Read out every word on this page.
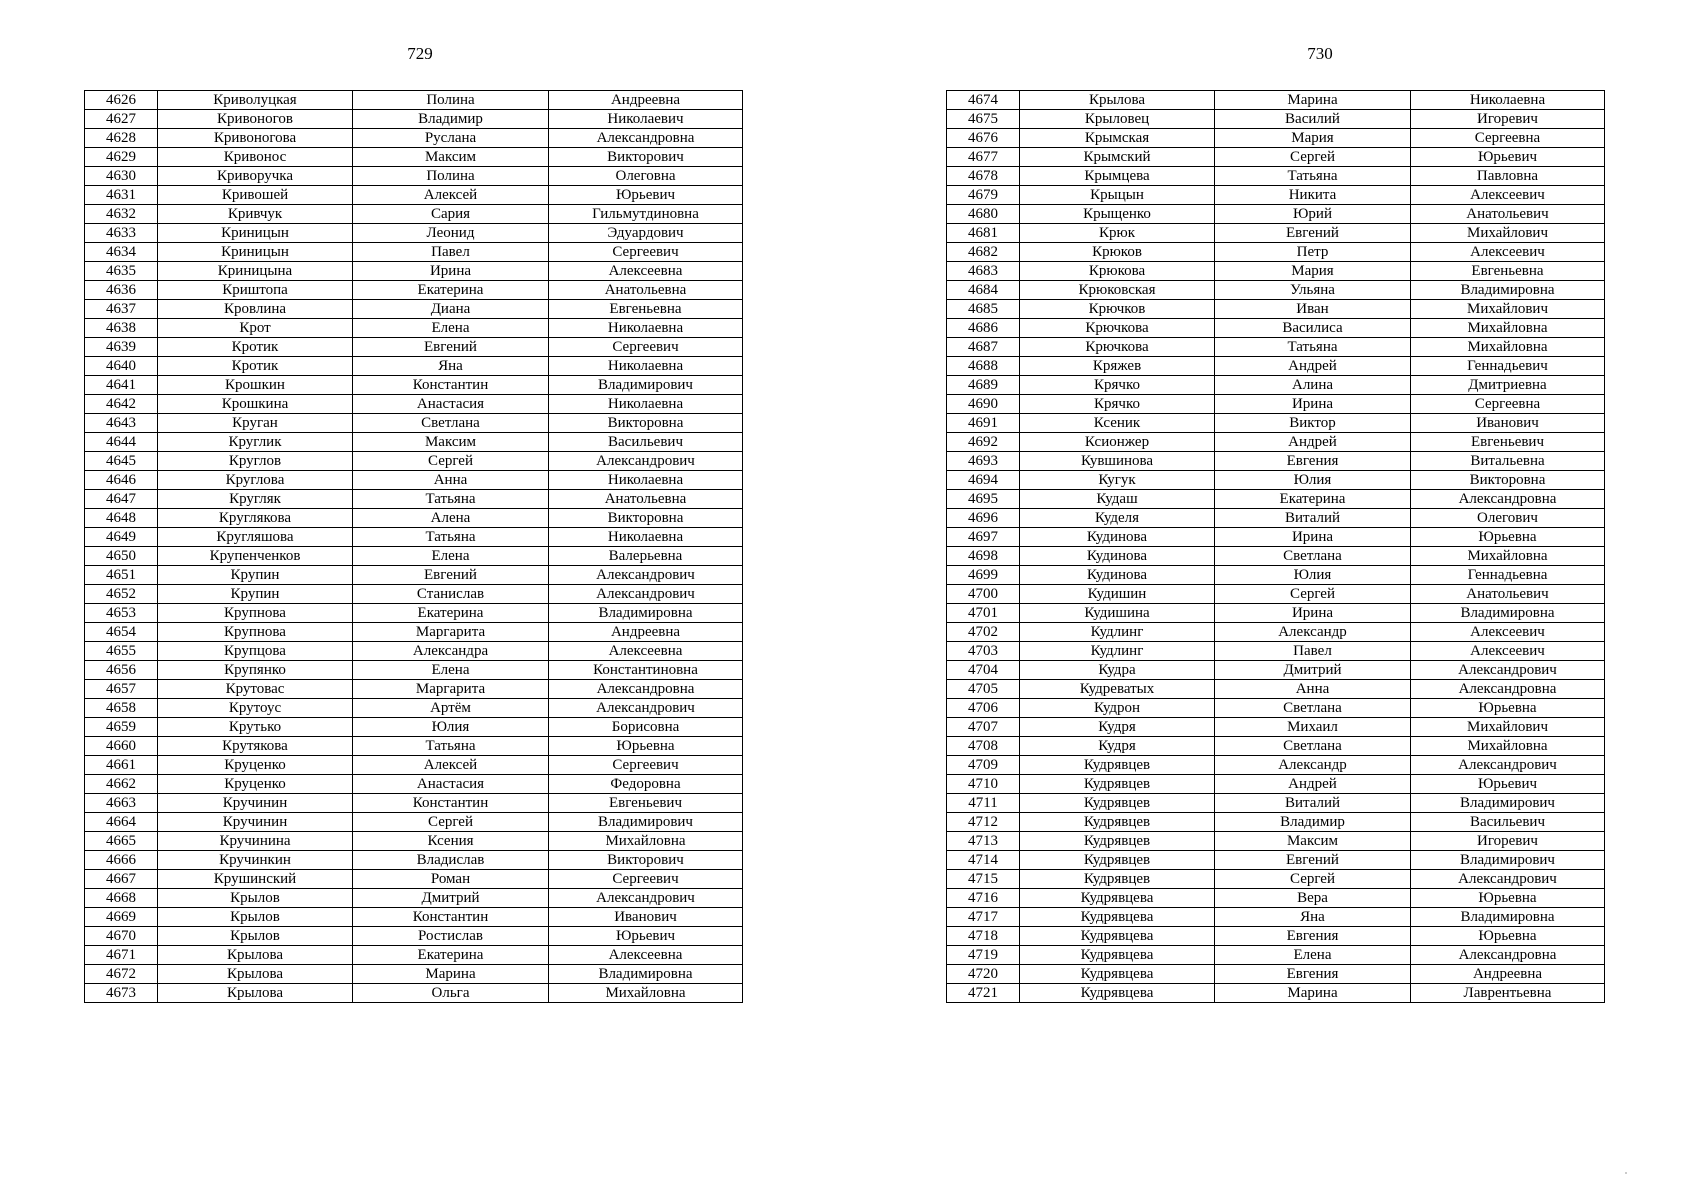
729
4626	Криволуцкая	Полина	Андреевна
4627	Кривоногов	Владимир	Николаевич
4628	Кривоногова	Руслана	Александровна
4629	Кривонос	Максим	Викторович
4630	Криворучка	Полина	Олеговна
4631	Кривошей	Алексей	Юрьевич
4632	Кривчук	Сария	Гильмутдиновна
4633	Криницын	Леонид	Эдуардович
4634	Криницын	Павел	Сергеевич
4635	Криницына	Ирина	Алексеевна
4636	Криштопа	Екатерина	Анатольевна
4637	Кровлина	Диана	Евгеньевна
4638	Крот	Елена	Николаевна
4639	Кротик	Евгений	Сергеевич
4640	Кротик	Яна	Николаевна
4641	Крошкин	Константин	Владимирович
4642	Крошкина	Анастасия	Николаевна
4643	Круган	Светлана	Викторовна
4644	Круглик	Максим	Васильевич
4645	Круглов	Сергей	Александрович
4646	Круглова	Анна	Николаевна
4647	Кругляк	Татьяна	Анатольевна
4648	Круглякова	Алена	Викторовна
4649	Кругляшова	Татьяна	Николаевна
4650	Крупенченков	Елена	Валерьевна
4651	Крупин	Евгений	Александрович
4652	Крупин	Станислав	Александрович
4653	Крупнова	Екатерина	Владимировна
4654	Крупнова	Маргарита	Андреевна
4655	Крупцова	Александра	Алексеевна
4656	Крупянко	Елена	Константиновна
4657	Крутовас	Маргарита	Александровна
4658	Крутоус	Артём	Александрович
4659	Крутько	Юлия	Борисовна
4660	Крутякова	Татьяна	Юрьевна
4661	Круценко	Алексей	Сергеевич
4662	Круценко	Анастасия	Федоровна
4663	Кручинин	Константин	Евгеньевич
4664	Кручинин	Сергей	Владимирович
4665	Кручинина	Ксения	Михайловна
4666	Кручинкин	Владислав	Викторович
4667	Крушинский	Роман	Сергеевич
4668	Крылов	Дмитрий	Александрович
4669	Крылов	Константин	Иванович
4670	Крылов	Ростислав	Юрьевич
4671	Крылова	Екатерина	Алексеевна
4672	Крылова	Марина	Владимировна
4673	Крылова	Ольга	Михайловна
730
4674	Крылова	Марина	Николаевна
4675	Крыловец	Василий	Игоревич
4676	Крымская	Мария	Сергеевна
4677	Крымский	Сергей	Юрьевич
4678	Крымцева	Татьяна	Павловна
4679	Крыцын	Никита	Алексеевич
4680	Крыщенко	Юрий	Анатольевич
4681	Крюк	Евгений	Михайлович
4682	Крюков	Петр	Алексеевич
4683	Крюкова	Мария	Евгеньевна
4684	Крюковская	Ульяна	Владимировна
4685	Крючков	Иван	Михайлович
4686	Крючкова	Василиса	Михайловна
4687	Крючкова	Татьяна	Михайловна
4688	Кряжев	Андрей	Геннадьевич
4689	Крячко	Алина	Дмитриевна
4690	Крячко	Ирина	Сергеевна
4691	Ксеник	Виктор	Иванович
4692	Ксионжер	Андрей	Евгеньевич
4693	Кувшинова	Евгения	Витальевна
4694	Кугук	Юлия	Викторовна
4695	Кудаш	Екатерина	Александровна
4696	Куделя	Виталий	Олегович
4697	Кудинова	Ирина	Юрьевна
4698	Кудинова	Светлана	Михайловна
4699	Кудинова	Юлия	Геннадьевна
4700	Кудишин	Сергей	Анатольевич
4701	Кудишина	Ирина	Владимировна
4702	Кудлинг	Александр	Алексеевич
4703	Кудлинг	Павел	Алексеевич
4704	Кудра	Дмитрий	Александрович
4705	Кудреватых	Анна	Александровна
4706	Кудрон	Светлана	Юрьевна
4707	Кудря	Михаил	Михайлович
4708	Кудря	Светлана	Михайловна
4709	Кудрявцев	Александр	Александрович
4710	Кудрявцев	Андрей	Юрьевич
4711	Кудрявцев	Виталий	Владимирович
4712	Кудрявцев	Владимир	Васильевич
4713	Кудрявцев	Максим	Игоревич
4714	Кудрявцев	Евгений	Владимирович
4715	Кудрявцев	Сергей	Александрович
4716	Кудрявцева	Вера	Юрьевна
4717	Кудрявцева	Яна	Владимировна
4718	Кудрявцева	Евгения	Юрьевна
4719	Кудрявцева	Елена	Александровна
4720	Кудрявцева	Евгения	Андреевна
4721	Кудрявцева	Марина	Лаврентьевна
